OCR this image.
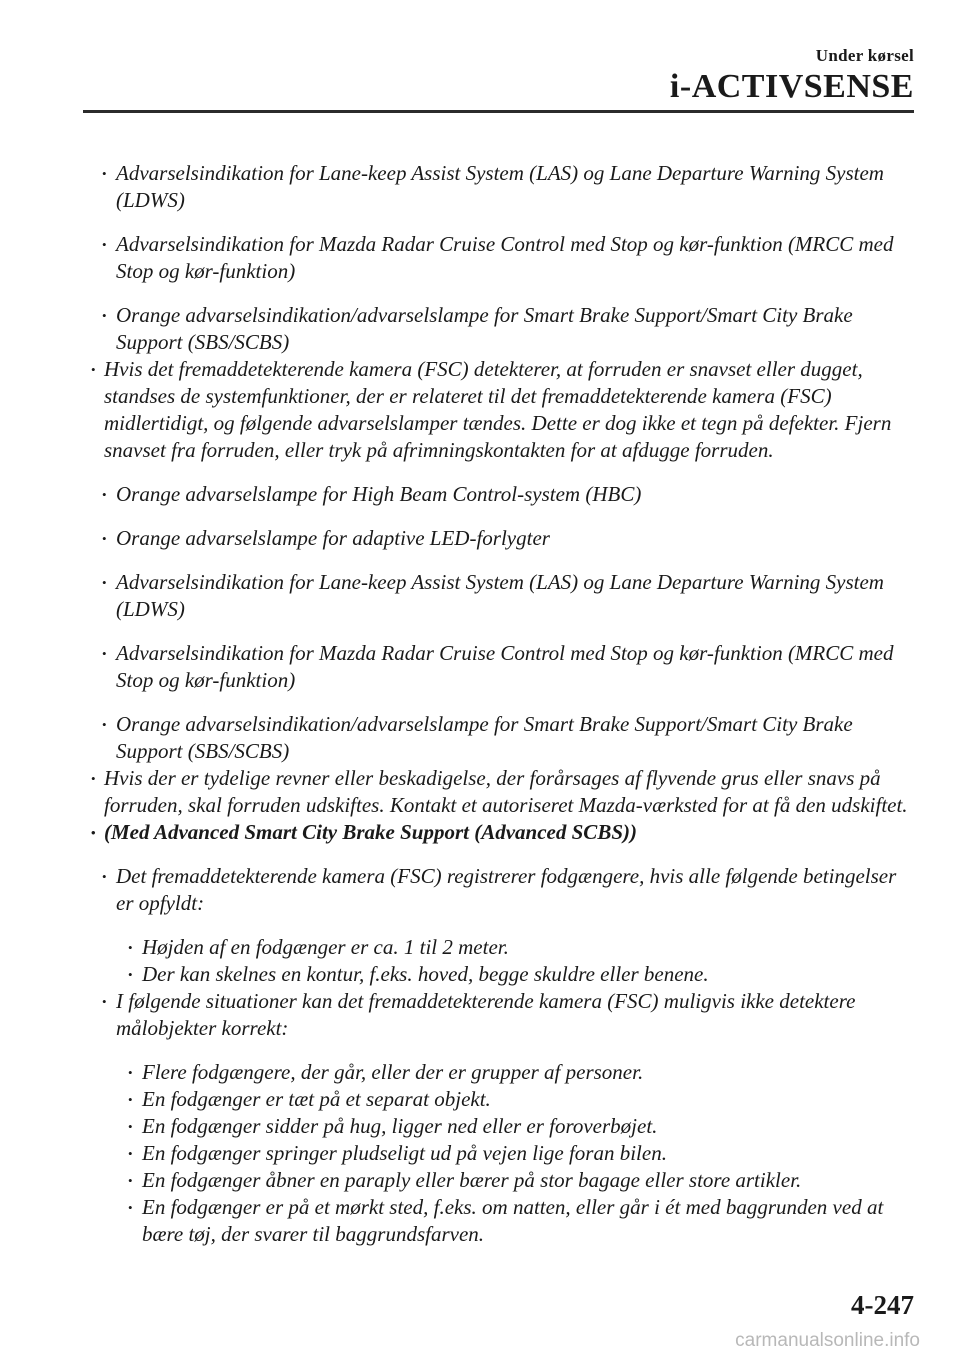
Under kørsel
i-ACTIVSENSE
• Advarselsindikation for Lane-keep Assist System (LAS) og Lane Departure Warning System (LDWS)
• Advarselsindikation for Mazda Radar Cruise Control med Stop og kør-funktion (MRCC med Stop og kør-funktion)
• Orange advarselsindikation/advarselslampe for Smart Brake Support/Smart City Brake Support (SBS/SCBS)
• Hvis det fremaddetekterende kamera (FSC) detekterer, at forruden er snavset eller dugget, standses de systemfunktioner, der er relateret til det fremaddetekterende kamera (FSC) midlertidigt, og følgende advarselslamper tændes. Dette er dog ikke et tegn på defekter. Fjern snavset fra forruden, eller tryk på afrimningskontakten for at afdugge forruden.
• Orange advarselslampe for High Beam Control-system (HBC)
• Orange advarselslampe for adaptive LED-forlygter
• Advarselsindikation for Lane-keep Assist System (LAS) og Lane Departure Warning System (LDWS)
• Advarselsindikation for Mazda Radar Cruise Control med Stop og kør-funktion (MRCC med Stop og kør-funktion)
• Orange advarselsindikation/advarselslampe for Smart Brake Support/Smart City Brake Support (SBS/SCBS)
• Hvis der er tydelige revner eller beskadigelse, der forårsages af flyvende grus eller snavs på forruden, skal forruden udskiftes. Kontakt et autoriseret Mazda-værksted for at få den udskiftet.
• (Med Advanced Smart City Brake Support (Advanced SCBS))
• Det fremaddetekterende kamera (FSC) registrerer fodgængere, hvis alle følgende betingelser er opfyldt:
• Højden af en fodgænger er ca. 1 til 2 meter.
• Der kan skelnes en kontur, f.eks. hoved, begge skuldre eller benene.
• I følgende situationer kan det fremaddetekterende kamera (FSC) muligvis ikke detektere målobjekter korrekt:
• Flere fodgængere, der går, eller der er grupper af personer.
• En fodgænger er tæt på et separat objekt.
• En fodgænger sidder på hug, ligger ned eller er foroverbøjet.
• En fodgænger springer pludseligt ud på vejen lige foran bilen.
• En fodgænger åbner en paraply eller bærer på stor bagage eller store artikler.
• En fodgænger er på et mørkt sted, f.eks. om natten, eller går i ét med baggrunden ved at bære tøj, der svarer til baggrundsfarven.
4-247
carmanualsonline.info
